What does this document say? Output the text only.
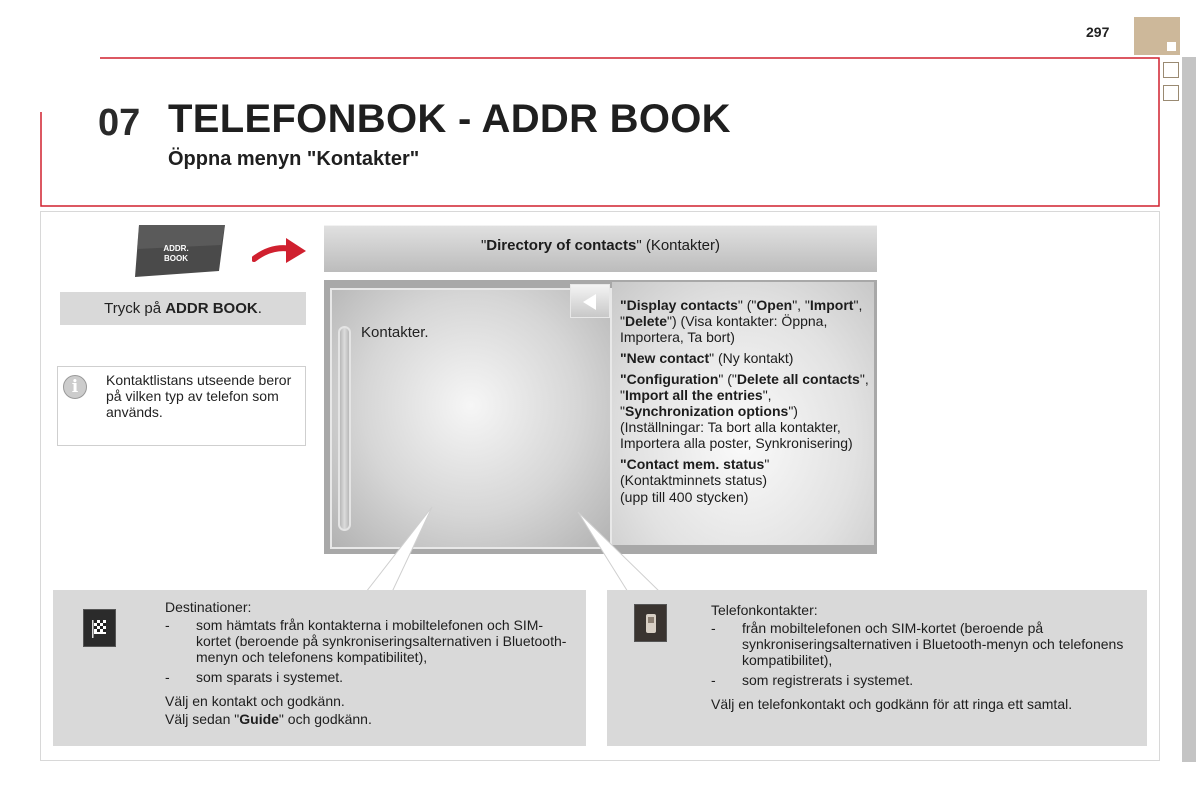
297
07 TELEFONBOK - ADDR BOOK
Öppna menyn "Kontakter"
ADDR.
BOOK
Tryck på ADDR BOOK.
i	Kontaktlistans utseende beror på vilken typ av telefon som används.
"Directory of contacts" (Kontakter)
Kontakter.

"Display contacts" ("Open", "Import", "Delete") (Visa kontakter: Öppna, Importera, Ta bort)

"New contact" (Ny kontakt)

"Configuration" ("Delete all contacts", "Import all the entries", "Synchronization options") (Inställningar: Ta bort alla kontakter, Importera alla poster, Synkronisering)

"Contact mem. status" (Kontaktminnets status)

(upp till 400 stycken)

Destinationer:
-	som hämtats från kontakterna i mobiltelefonen och SIM-kortet (beroende på synkroniseringsalternativen i Bluetooth-menyn och telefonens kompatibilitet),
-	som sparats i systemet.

Välj en kontakt och godkänn.

Välj sedan "Guide" och godkänn.

Telefonkontakter:
-	från mobiltelefonen och SIM-kortet (beroende på synkroniseringsalternativen i Bluetooth-menyn och telefonens kompatibilitet),
-	som registrerats i systemet.

Välj en telefonkontakt och godkänn för att ringa ett samtal.
